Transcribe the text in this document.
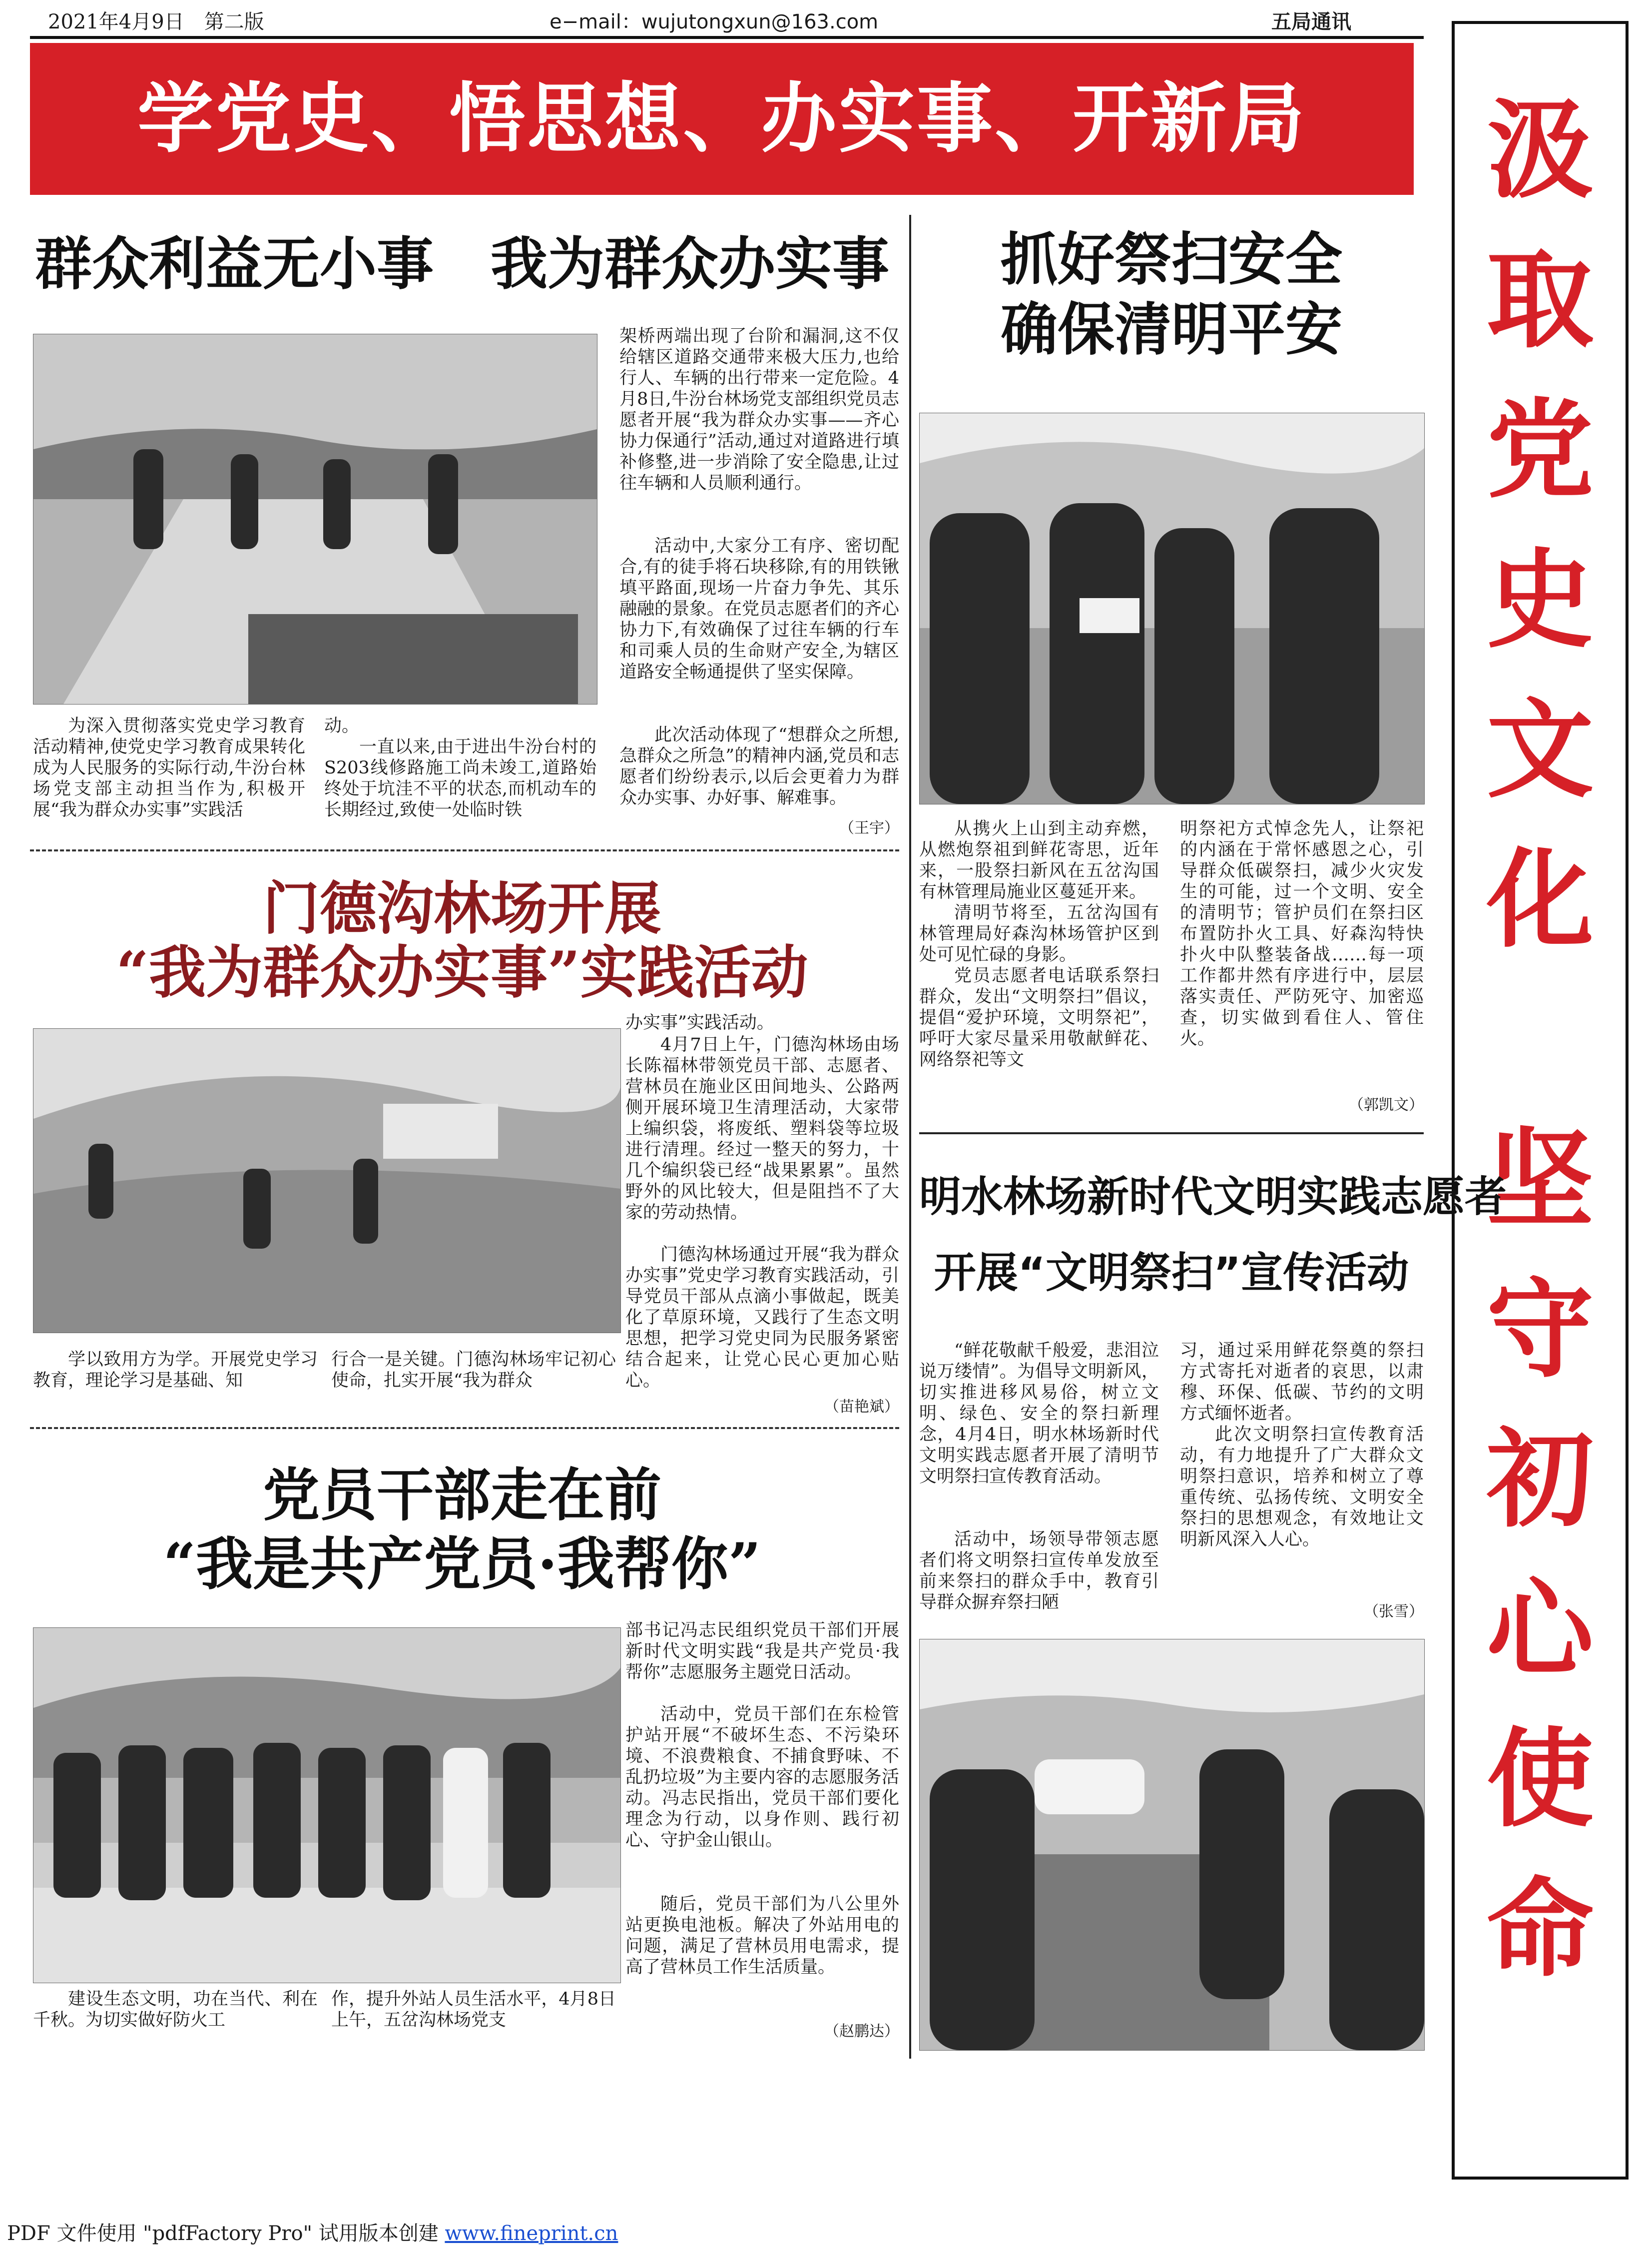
2021年4月9日　第二版	e−mail：wujutongxun@163.com	五局通讯
学党史、悟思想、办实事、开新局	汲
取
党
史
文
化
坚
守
初
心
使
命
群众利益无小事　我为群众办实事
为深入贯彻落实党史学习教育活动精神,使党史学习教育成果转化成为人民服务的实际行动,牛汾台林场党支部主动担当作为,积极开展“我为群众办实事”实践活
动。
一直以来,由于进出牛汾台村的S203线修路施工尚未竣工,道路始终处于坑洼不平的状态,而机动车的长期经过,致使一处临时铁
架桥两端出现了台阶和漏洞,这不仅给辖区道路交通带来极大压力,也给行人、车辆的出行带来一定危险。4月8日,牛汾台林场党支部组织党员志愿者开展“我为群众办实事——齐心协力保通行”活动,通过对道路进行填补修整,进一步消除了安全隐患,让过往车辆和人员顺利通行。
活动中,大家分工有序、密切配合,有的徒手将石块移除,有的用铁锹填平路面,现场一片奋力争先、其乐融融的景象。在党员志愿者们的齐心协力下,有效确保了过往车辆的行车和司乘人员的生命财产安全,为辖区道路安全畅通提供了坚实保障。
此次活动体现了“想群众之所想,急群众之所急”的精神内涵,党员和志愿者们纷纷表示,以后会更着力为群众办实事、办好事、解难事。
（王宇）
门德沟林场开展
“我为群众办实事”实践活动
学以致用方为学。开展党史学习教育，理论学习是基础、知
行合一是关键。门德沟林场牢记初心使命，扎实开展“我为群众
办实事”实践活动。
4月7日上午，门德沟林场由场长陈福林带领党员干部、志愿者、营林员在施业区田间地头、公路两侧开展环境卫生清理活动，大家带上编织袋，将废纸、塑料袋等垃圾进行清理。经过一整天的努力，十几个编织袋已经“战果累累”。虽然野外的风比较大，但是阻挡不了大家的劳动热情。
门德沟林场通过开展“我为群众办实事”党史学习教育实践活动，引导党员干部从点滴小事做起，既美化了草原环境，又践行了生态文明思想，把学习党史同为民服务紧密结合起来，让党心民心更加心贴心。
（苗艳斌）
党员干部走在前
“我是共产党员·我帮你”
建设生态文明，功在当代、利在千秋。为切实做好防火工
作，提升外站人员生活水平，4月8日上午，五岔沟林场党支
部书记冯志民组织党员干部们开展新时代文明实践“我是共产党员·我帮你”志愿服务主题党日活动。
活动中，党员干部们在东检管护站开展“不破坏生态、不污染环境、不浪费粮食、不捕食野味、不乱扔垃圾”为主要内容的志愿服务活动。冯志民指出，党员干部们要化理念为行动，以身作则、践行初心、守护金山银山。
随后，党员干部们为八公里外站更换电池板。解决了外站用电的问题，满足了营林员用电需求，提高了营林员工作生活质量。
（赵鹏达）
抓好祭扫安全
确保清明平安
从携火上山到主动弃燃，从燃炮祭祖到鲜花寄思，近年来，一股祭扫新风在五岔沟国有林管理局施业区蔓延开来。
清明节将至，五岔沟国有林管理局好森沟林场管护区到处可见忙碌的身影。
党员志愿者电话联系祭扫群众，发出“文明祭扫”倡议，提倡“爱护环境，文明祭祀”，呼吁大家尽量采用敬献鲜花、网络祭祀等文
明祭祀方式悼念先人，让祭祀的内涵在于常怀感恩之心，引导群众低碳祭扫，减少火灾发生的可能，过一个文明、安全的清明节；管护员们在祭扫区布置防扑火工具、好森沟特快扑火中队整装备战……每一项工作都井然有序进行中，层层落实责任、严防死守、加密巡查，切实做到看住人、管住火。
（郭凯文）
明水林场新时代文明实践志愿者
开展“文明祭扫”宣传活动
“鲜花敬献千般爱，悲泪泣说万缕情”。为倡导文明新风，切实推进移风易俗，树立文明、绿色、安全的祭扫新理念，4月4日，明水林场新时代文明实践志愿者开展了清明节文明祭扫宣传教育活动。
活动中，场领导带领志愿者们将文明祭扫宣传单发放至前来祭扫的群众手中，教育引导群众摒弃祭扫陋
习，通过采用鲜花祭奠的祭扫方式寄托对逝者的哀思，以肃穆、环保、低碳、节约的文明方式缅怀逝者。
此次文明祭扫宣传教育活动，有力地提升了广大群众文明祭扫意识，培养和树立了尊重传统、弘扬传统、文明安全祭扫的思想观念，有效地让文明新风深入人心。
（张雪）
PDF 文件使用 "pdfFactory Pro" 试用版本创建 www.fineprint.cn
